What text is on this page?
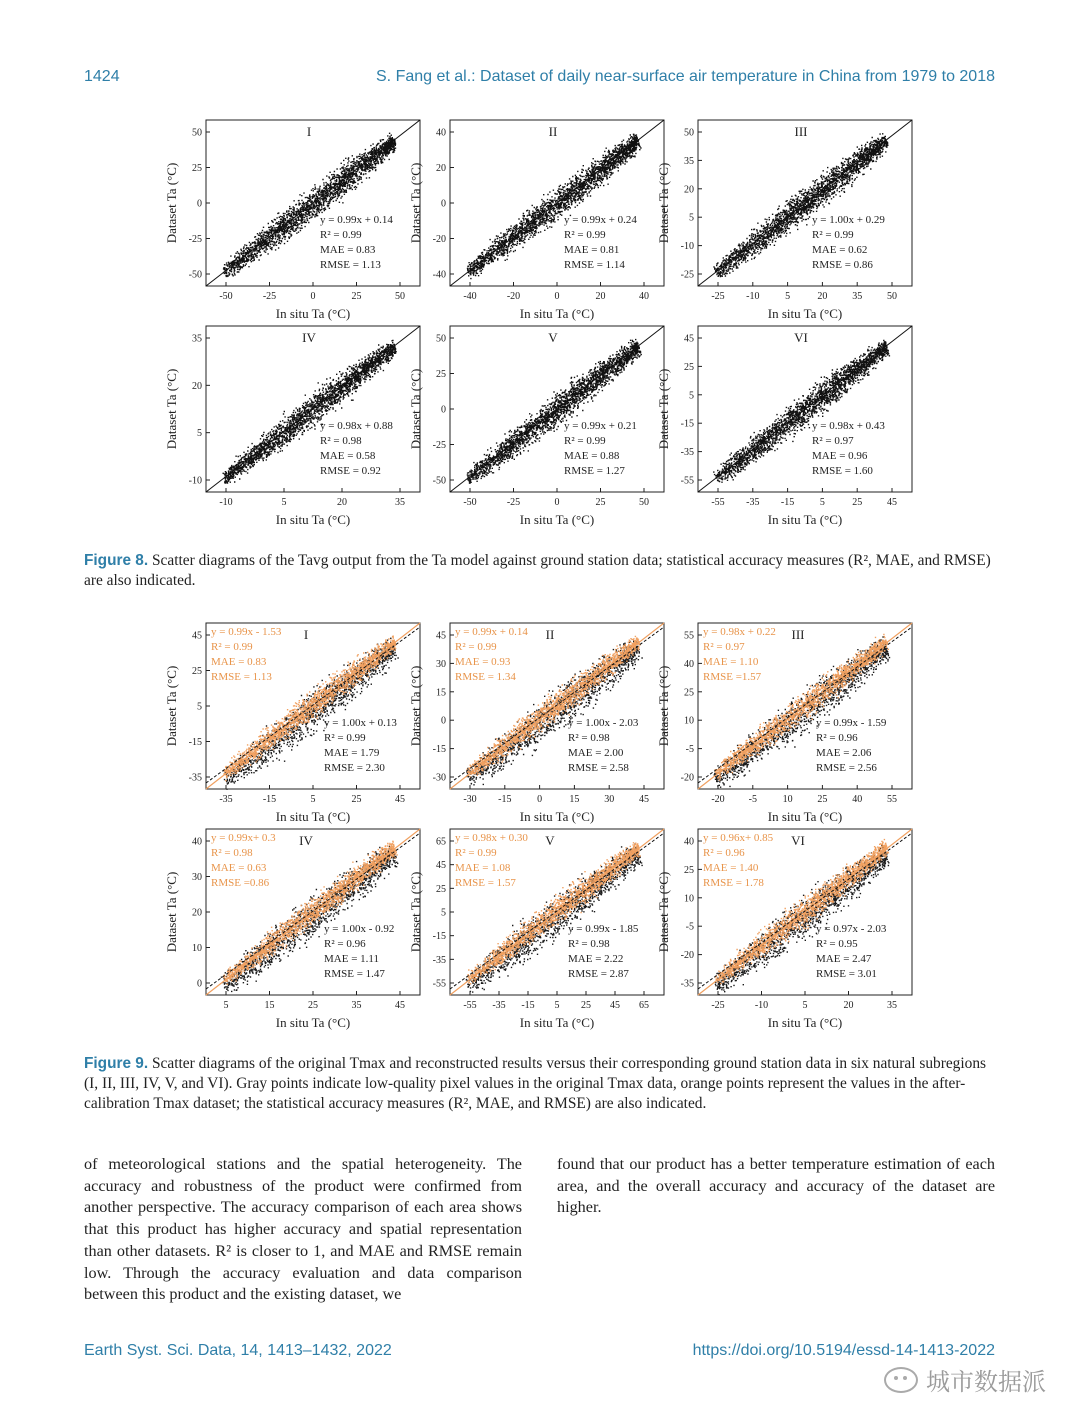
1424	S. Fang et al.: Dataset of daily near-surface air temperature in China from 1979 to 2018
I
-50	-25	0	25	50
50
25
0
-25
-50
In situ Ta (°C)
Dataset Ta (°C)	y = 0.99x + 0.14
R² = 0.99
MAE = 0.83
RMSE = 1.13
II
-40	-20	0	20	40
40
20
0
-20
-40
In situ Ta (°C)
Dataset Ta (°C)	y = 0.99x + 0.24
R² = 0.99
MAE = 0.81
RMSE = 1.14
III
-25 -10	5	20 35 50
50
35
20
5
-10
-25
In situ Ta (°C)
Dataset Ta (°C)	y = 1.00x + 0.29
R² = 0.99
MAE = 0.62
RMSE = 0.86
IV
-10	5	20	35
35
20
5
-10
In situ Ta (°C)
Dataset Ta (°C)	y = 0.98x + 0.88
R² = 0.98
MAE = 0.58
RMSE = 0.92
V
-50	-25	0	25	50
50
25
0
-25
-50
In situ Ta (°C)
Dataset Ta (°C)	y = 0.99x + 0.21
R² = 0.99
MAE = 0.88
RMSE = 1.27
VI
-55 -35 -15	5	25 45
45
25
5
-15
-35
-55
In situ Ta (°C)
Dataset Ta (°C)	y = 0.98x + 0.43
R² = 0.97
MAE = 0.96
RMSE = 1.60
Figure 8. Scatter diagrams of the Tavg output from the Ta model against ground station data; statistical accuracy measures (R², MAE, and RMSE) are also indicated.
I
-35	-15	5	25	45
45
25
5
-15
-35
In situ Ta (°C)
Dataset Ta (°C)	y = 1.00x + 0.13
R² = 0.99
MAE = 1.79
RMSE = 2.30
y = 0.99x - 1.53
R² = 0.99
MAE = 0.83
RMSE = 1.13
II
-30 -15	0	15 30 45
45
30
15
0
-15
-30
In situ Ta (°C)
Dataset Ta (°C)	y = 1.00x - 2.03
R² = 0.98
MAE = 2.00
RMSE = 2.58
y = 0.99x + 0.14
R² = 0.99
MAE = 0.93
RMSE = 1.34
III
-20 -5	10 25 40 55
55
40
25
10
-5
-20
In situ Ta (°C)
Dataset Ta (°C)	y = 0.99x - 1.59
R² = 0.96
MAE = 2.06
RMSE = 2.56
y = 0.98x + 0.22
R² = 0.97
MAE = 1.10
RMSE =1.57
IV
5	15	25	35	45
40
30
20
10
0
In situ Ta (°C)
Dataset Ta (°C)	y = 1.00x - 0.92
R² = 0.96
MAE = 1.11
RMSE = 1.47
y = 0.99x+ 0.3
R² = 0.98
MAE = 0.63
RMSE =0.86
V
-55 -35 -15 5 25 45 65
65
45
25
5
-15
-35
-55
In situ Ta (°C)
Dataset Ta (°C)	y = 0.99x - 1.85
R² = 0.98
MAE = 2.22
RMSE = 2.87
y = 0.98x + 0.30
R² = 0.99
MAE = 1.08
RMSE = 1.57
VI
-25	-10	5	20	35
40
25
10
-5
-20
-35
In situ Ta (°C)
Dataset Ta (°C)	y = 0.97x - 2.03
R² = 0.95
MAE = 2.47
RMSE = 3.01
y = 0.96x+ 0.85
R² = 0.96
MAE = 1.40
RMSE = 1.78
Figure 9. Scatter diagrams of the original Tmax and reconstructed results versus their corresponding ground station data in six natural subregions (I, II, III, IV, V, and VI). Gray points indicate low-quality pixel values in the original Tmax data, orange points represent the values in the after-calibration Tmax dataset; the statistical accuracy measures (R², MAE, and RMSE) are also indicated.
of meteorological stations and the spatial heterogeneity. The accuracy and robustness of the product were confirmed from another perspective. The accuracy comparison of each area shows that this product has higher accuracy and spatial representation than other datasets. R² is closer to 1, and MAE and RMSE remain low. Through the accuracy evaluation and data comparison between this product and the existing dataset, we
found that our product has a better temperature estimation of each area, and the overall accuracy and accuracy of the dataset are higher.
Earth Syst. Sci. Data, 14, 1413–1432, 2022	https://doi.org/10.5194/essd-14-1413-2022
城市数据派
